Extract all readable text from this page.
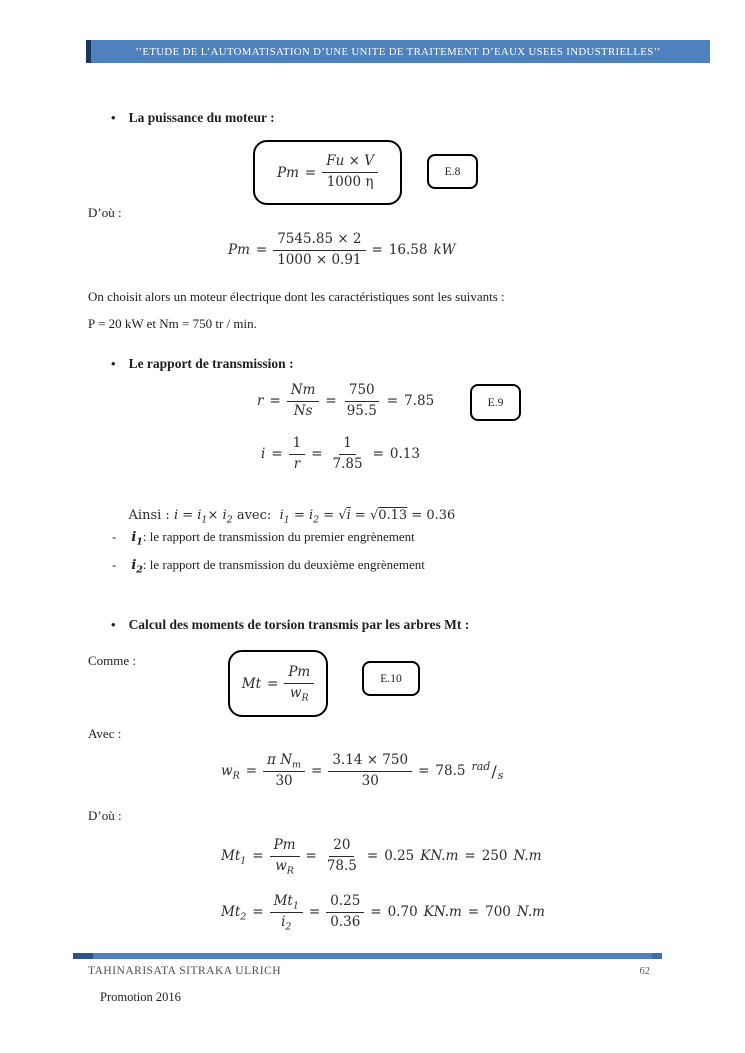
’’ETUDE DE L’AUTOMATISATION D’UNE UNITE DE TRAITEMENT D’EAUX USEES INDUSTRIELLES’’
• La puissance du moteur :
$Pm = \frac{Fu \times V}{1000 \eta}$	E.8
D’où :
$Pm = \frac{7545.85 \times 2}{1000 \times 0.91} = 16.58$ kW
On choisit alors un moteur électrique dont les caractéristiques sont les suivants :
P = 20 kW et Nm = 750 tr / min.
• Le rapport de transmission :
$r = \frac{Nm}{Ns} = \frac{750}{95.5} = 7.85$	E.9
$i = \frac{1}{r} = \frac{1}{7.85} = 0.13$

Ainsi : $i = i_1\times i_2$ avec:  $i_1 = i_2 = √i = √0.13 = 0.36$

- $i_1$: le rapport de transmission du premier engrènement
- $i_2$: le rapport de transmission du deuxième engrènement
• Calcul des moments de torsion transmis par les arbres Mt :
Comme :
$Mt = \frac{Pm}{w_R}$	E.10
Avec :
$w_R = \frac{\pi N_m}{30} = \frac{3.14 \times 750}{30} = 78.5$ rad / s
D’où :
$Mt_1 = \frac{Pm}{w_R} = \frac{20}{78.5} = 0.25$ KN.m = 250 N.m
$Mt_2 = \frac{Mt_1}{i_2} = \frac{0.25}{0.36} = 0.70$ KN.m = 700 N.m
TAHINARISATA SITRAKA ULRICH	62
Promotion 2016
